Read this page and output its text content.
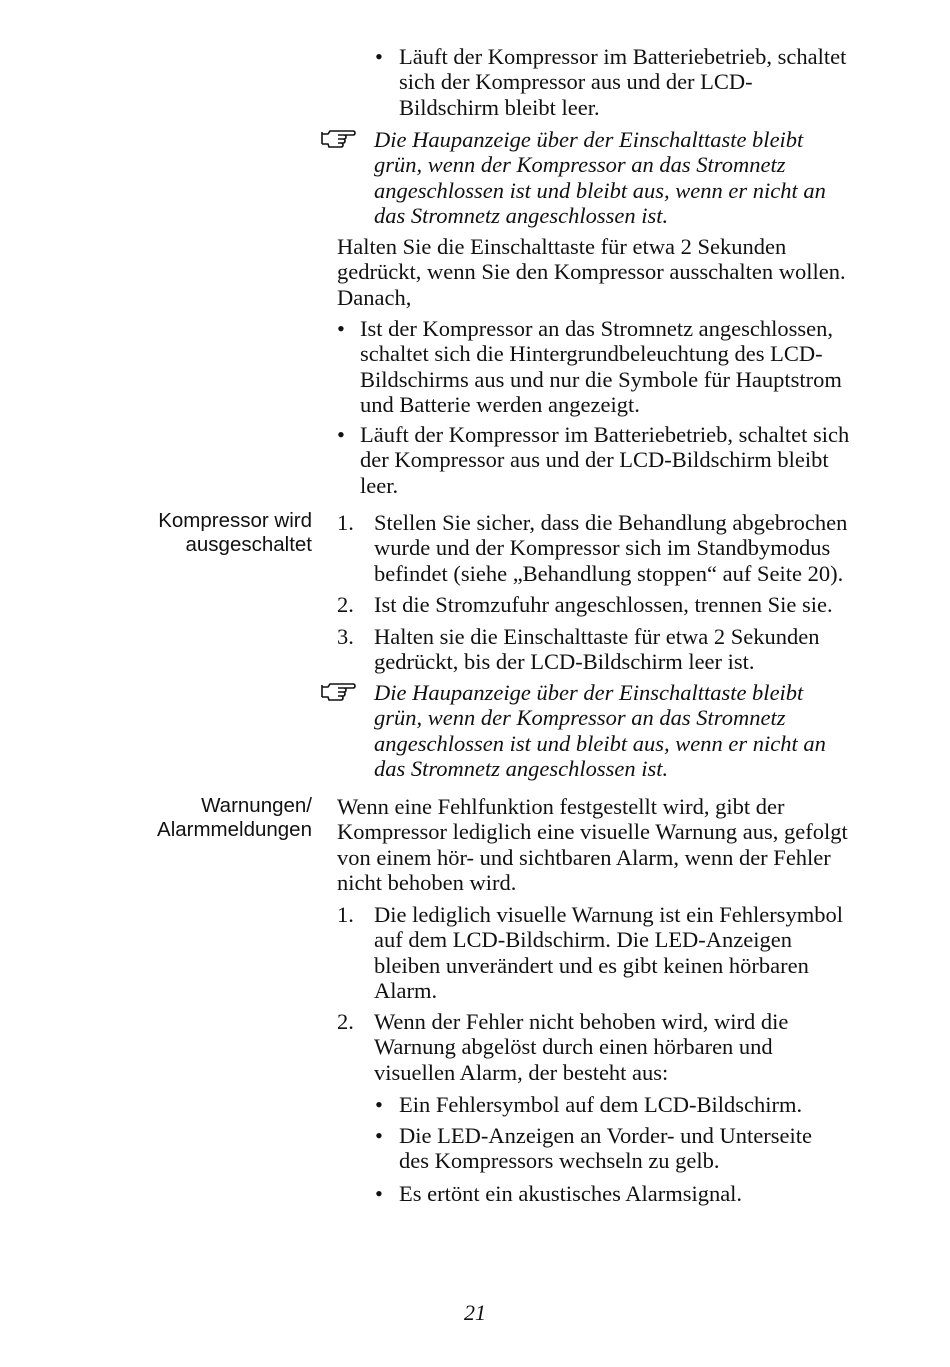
• Läuft der Kompressor im Batteriebetrieb, schaltet sich der Kompressor aus und der LCD-Bildschirm bleibt leer.

Die Haupanzeige über der Einschalttaste bleibt grün, wenn der Kompressor an das Stromnetz angeschlossen ist und bleibt aus, wenn er nicht an das Stromnetz angeschlossen ist.

Halten Sie die Einschalttaste für etwa 2 Sekunden gedrückt, wenn Sie den Kompressor ausschalten wollen. Danach,

• Ist der Kompressor an das Stromnetz angeschlossen, schaltet sich die Hintergrundbeleuchtung des LCD-Bildschirms aus und nur die Symbole für Hauptstrom und Batterie werden angezeigt.

• Läuft der Kompressor im Batteriebetrieb, schaltet sich der Kompressor aus und der LCD-Bildschirm bleibt leer.

Kompressor wird ausgeschaltet
1. Stellen Sie sicher, dass die Behandlung abgebrochen wurde und der Kompressor sich im Standbymodus befindet (siehe „Behandlung stoppen“ auf Seite 20).

2. Ist die Stromzufuhr angeschlossen, trennen Sie sie.

3. Halten sie die Einschalttaste für etwa 2 Sekunden gedrückt, bis der LCD-Bildschirm leer ist.

Die Haupanzeige über der Einschalttaste bleibt grün, wenn der Kompressor an das Stromnetz angeschlossen ist und bleibt aus, wenn er nicht an das Stromnetz angeschlossen ist.

Warnungen/ Alarmmeldungen

Wenn eine Fehlfunktion festgestellt wird, gibt der Kompressor lediglich eine visuelle Warnung aus, gefolgt von einem hör- und sichtbaren Alarm, wenn der Fehler nicht behoben wird.

1. Die lediglich visuelle Warnung ist ein Fehlersymbol auf dem LCD-Bildschirm. Die LED-Anzeigen bleiben unverändert und es gibt keinen hörbaren Alarm.

2. Wenn der Fehler nicht behoben wird, wird die Warnung abgelöst durch einen hörbaren und visuellen Alarm, der besteht aus:

• Ein Fehlersymbol auf dem LCD-Bildschirm.

• Die LED-Anzeigen an Vorder- und Unterseite des Kompressors wechseln zu gelb.

• Es ertönt ein akustisches Alarmsignal.

21
